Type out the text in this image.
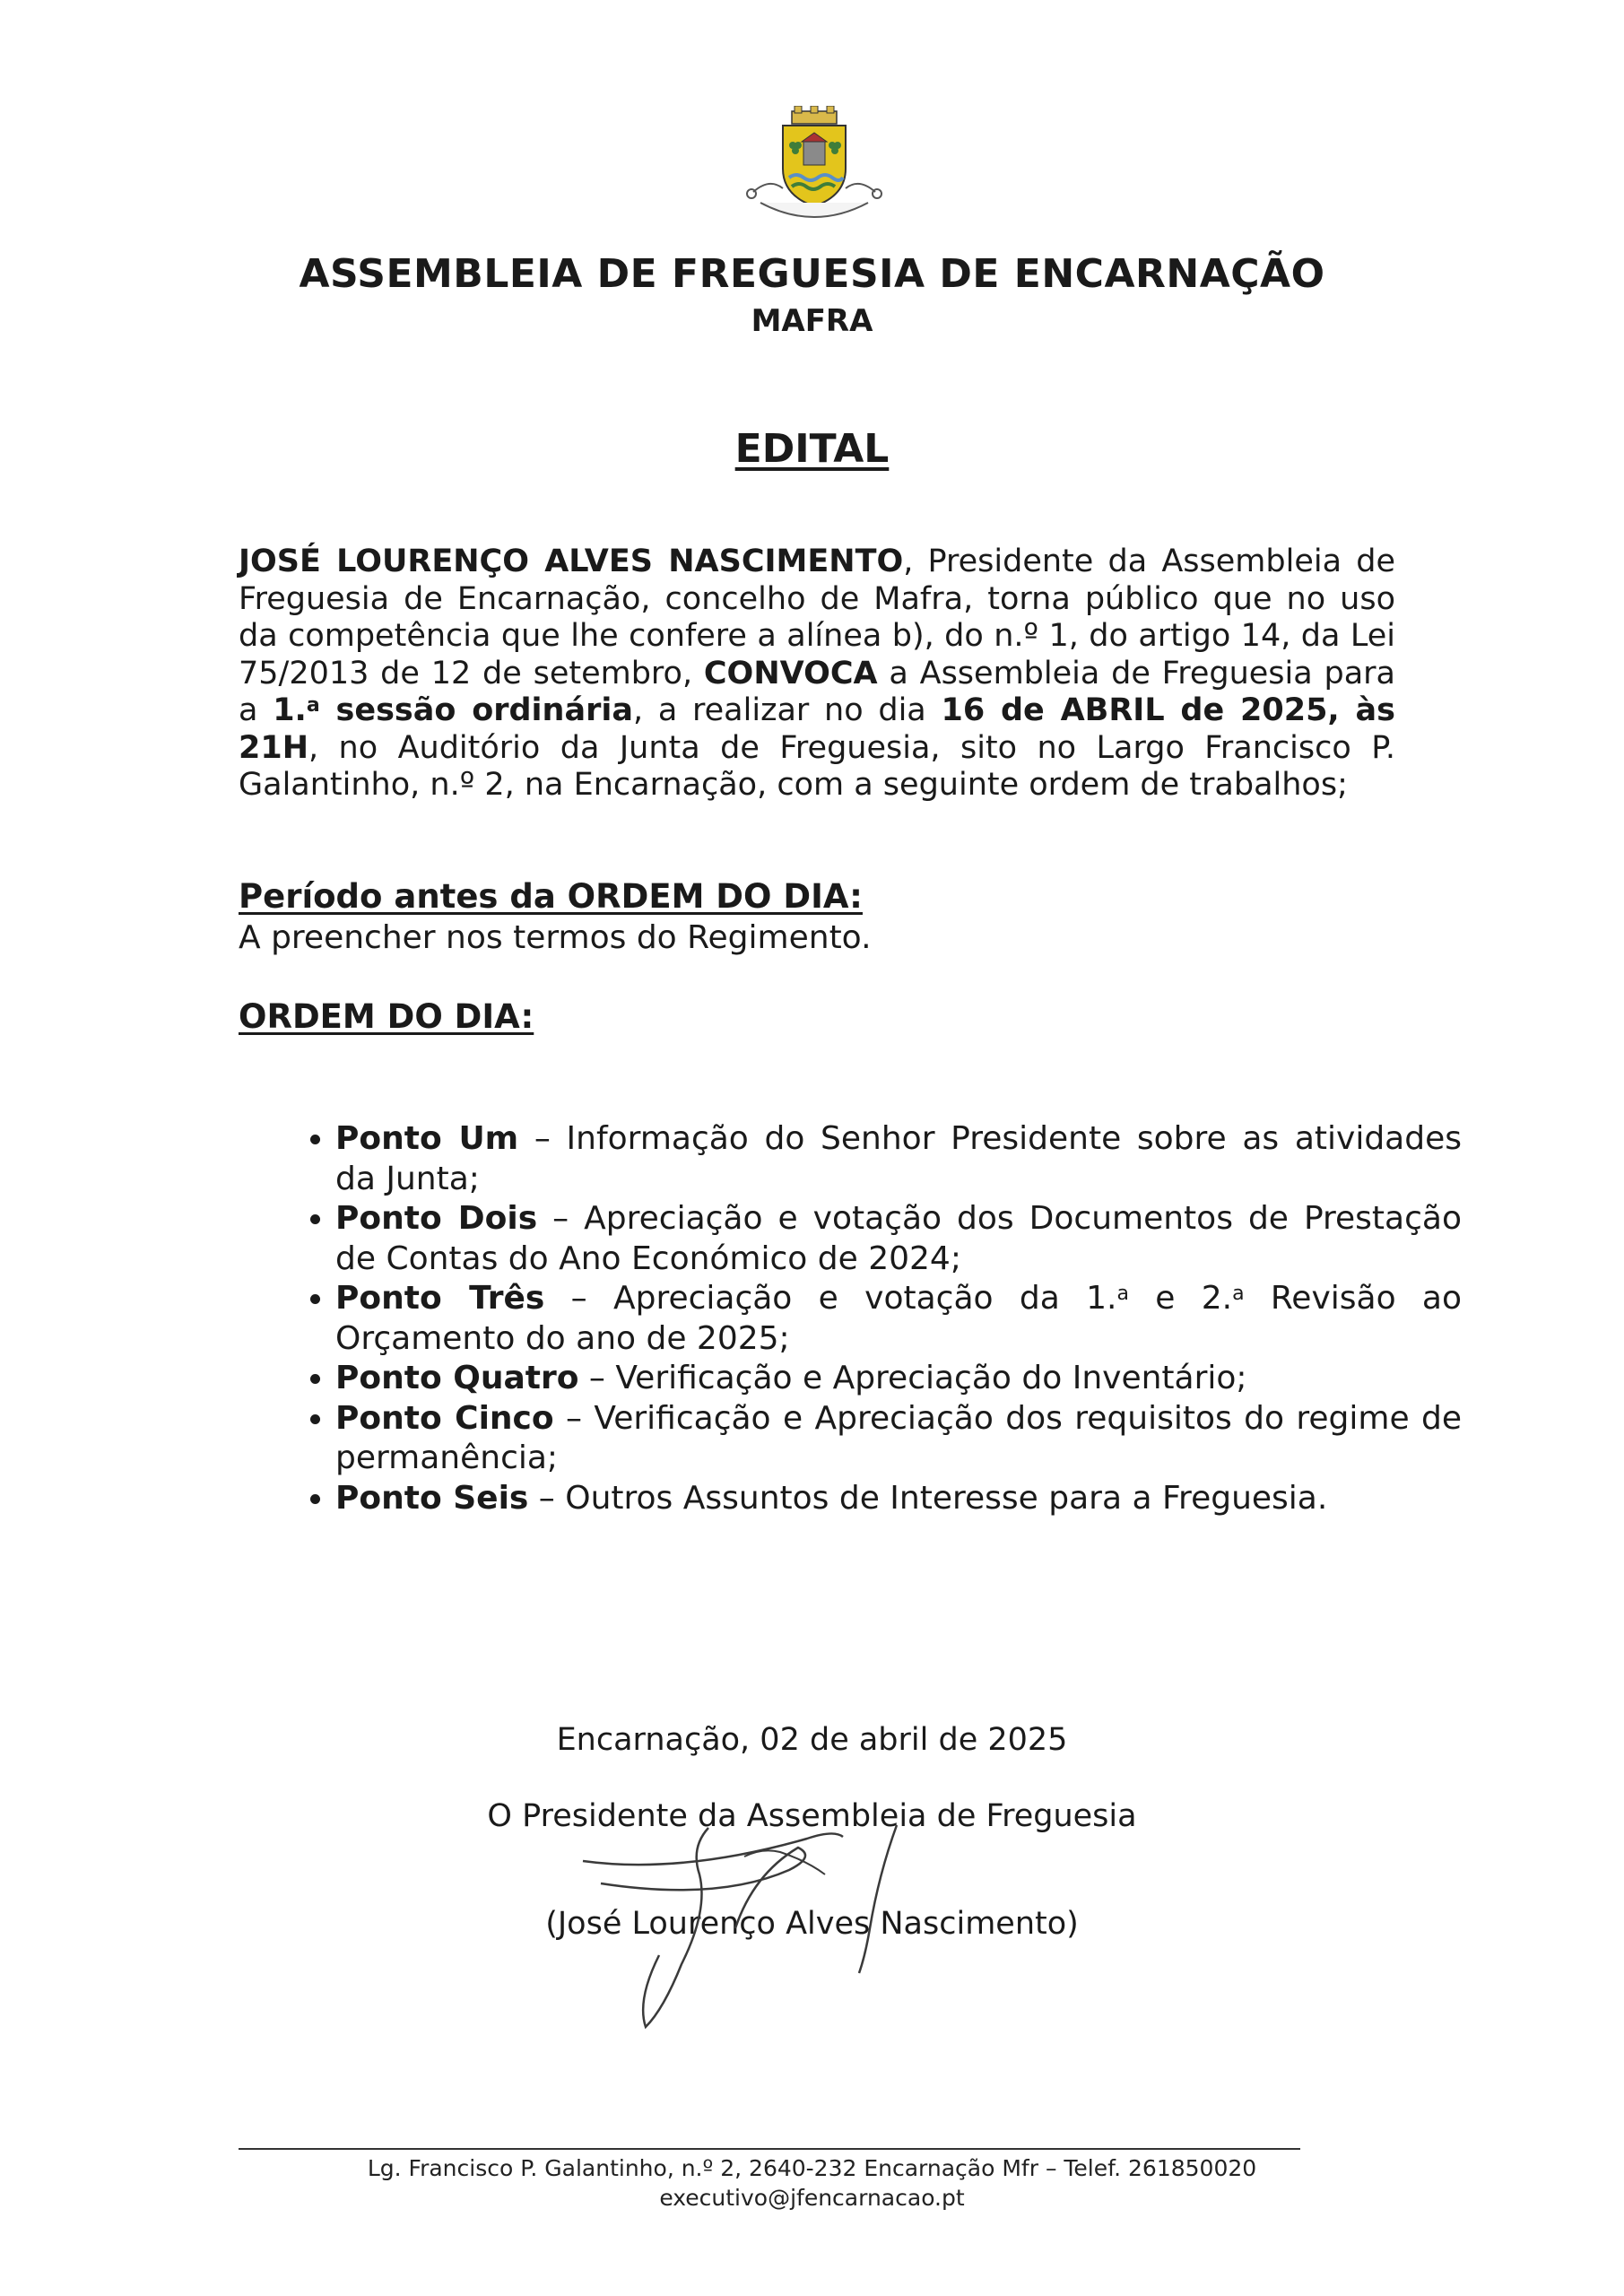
ASSEMBLEIA DE FREGUESIA DE ENCARNAÇÃO
MAFRA
EDITAL
JOSÉ LOURENÇO ALVES NASCIMENTO, Presidente da Assembleia de Freguesia de Encarnação, concelho de Mafra, torna público que no uso da competência que lhe confere a alínea b), do n.º 1, do artigo 14, da Lei 75/2013 de 12 de setembro, CONVOCA a Assembleia de Freguesia para a 1.$^a$ sessão ordinária, a realizar no dia 16 de ABRIL de 2025, às 21H, no Auditório da Junta de Freguesia, sito no Largo Francisco P. Galantinho, n.º 2, na Encarnação, com a seguinte ordem de trabalhos;
Período antes da ORDEM DO DIA:
A preencher nos termos do Regimento.
ORDEM DO DIA:
• Ponto Um – Informação do Senhor Presidente sobre as atividades da Junta;
• Ponto Dois – Apreciação e votação dos Documentos de Prestação de Contas do Ano Económico de 2024;
• Ponto Três – Apreciação e votação da 1.$^a$ e 2.$^a$ Revisão ao Orçamento do ano de 2025;
• Ponto Quatro – Verificação e Apreciação do Inventário;
• Ponto Cinco – Verificação e Apreciação dos requisitos do regime de permanência;
• Ponto Seis – Outros Assuntos de Interesse para a Freguesia.
Encarnação, 02 de abril de 2025
O Presidente da Assembleia de Freguesia
(José Lourenço Alves Nascimento)
Lg. Francisco P. Galantinho, n.º 2, 2640-232 Encarnação Mfr – Telef. 261850020
executivo@jfencarnacao.pt
